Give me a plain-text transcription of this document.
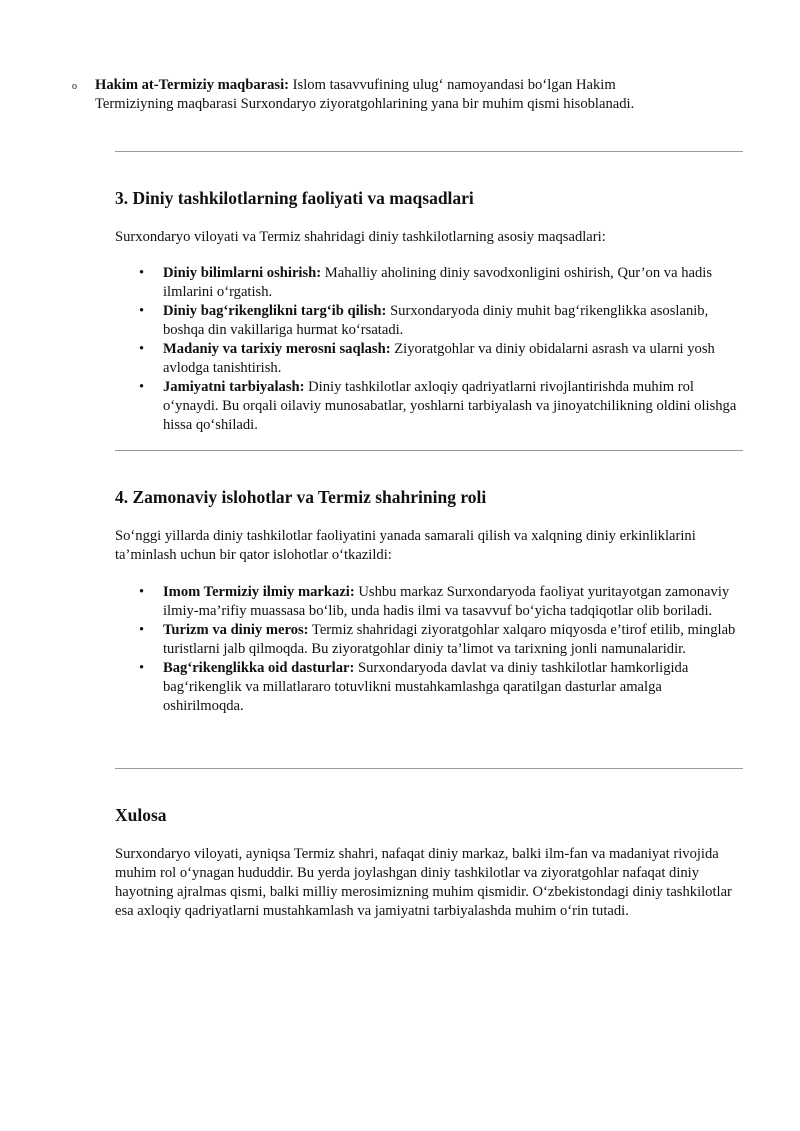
o Hakim at-Termiziy maqbarasi: Islom tasavvufining ulug‘ namoyandasi bo‘lgan Hakim Termiziyning maqbarasi Surxondaryo ziyoratgohlarining yana bir muhim qismi hisoblanadi.
3. Diniy tashkilotlarning faoliyati va maqsadlari

Surxondaryo viloyati va Termiz shahridagi diniy tashkilotlarning asosiy maqsadlari:

• Diniy bilimlarni oshirish: Mahalliy aholining diniy savodxonligini oshirish, Qur’on va hadis ilmlarini o‘rgatish.
• Diniy bag‘rikenglikni targ‘ib qilish: Surxondaryoda diniy muhit bag‘rikenglikka asoslanib, boshqa din vakillariga hurmat ko‘rsatadi.
• Madaniy va tarixiy merosni saqlash: Ziyoratgohlar va diniy obidalarni asrash va ularni yosh avlodga tanishtirish.
• Jamiyatni tarbiyalash: Diniy tashkilotlar axloqiy qadriyatlarni rivojlantirishda muhim rol o‘ynaydi. Bu orqali oilaviy munosabatlar, yoshlarni tarbiyalash va jinoyatchilikning oldini olishga hissa qo‘shiladi.
4. Zamonaviy islohotlar va Termiz shahrining roli

So‘nggi yillarda diniy tashkilotlar faoliyatini yanada samarali qilish va xalqning diniy erkinliklarini ta’minlash uchun bir qator islohotlar o‘tkazildi:

• Imom Termiziy ilmiy markazi: Ushbu markaz Surxondaryoda faoliyat yuritayotgan zamonaviy ilmiy-ma’rifiy muassasa bo‘lib, unda hadis ilmi va tasavvuf bo‘yicha tadqiqotlar olib boriladi.
• Turizm va diniy meros: Termiz shahridagi ziyoratgohlar xalqaro miqyosda e’tirof etilib, minglab turistlarni jalb qilmoqda. Bu ziyoratgohlar diniy ta’limot va tarixning jonli namunalaridir.
• Bag‘rikenglikka oid dasturlar: Surxondaryoda davlat va diniy tashkilotlar hamkorligida bag‘rikenglik va millatlararo totuvlikni mustahkamlashga qaratilgan dasturlar amalga oshirilmoqda.
Xulosa

Surxondaryo viloyati, ayniqsa Termiz shahri, nafaqat diniy markaz, balki ilm-fan va madaniyat rivojida muhim rol o‘ynagan hududdir. Bu yerda joylashgan diniy tashkilotlar va ziyoratgohlar nafaqat diniy hayotning ajralmas qismi, balki milliy merosimizning muhim qismidir. O‘zbekistondagi diniy tashkilotlar esa axloqiy qadriyatlarni mustahkamlash va jamiyatni tarbiyalashda muhim o‘rin tutadi.
